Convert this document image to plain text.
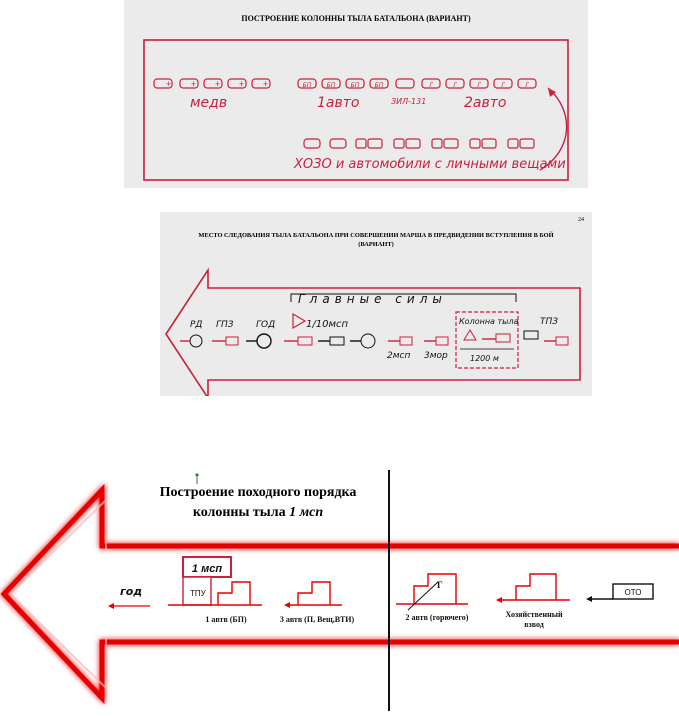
ПОСТРОЕНИЕ КОЛОННЫ ТЫЛА БАТАЛЬОНА (ВАРИАНТ)
+ + + + +
медв
БП	БП	БП	БП
1авто	ЗИЛ-131
Г	Г	Г	Г	Г
2авто
ХОЗО и автомобили с личными вещами
24
МЕСТО СЛЕДОВАНИЯ ТЫЛА БАТАЛЬОНА ПРИ СОВЕРШЕНИИ МАРША В ПРЕДВИДЕНИИ ВСТУПЛЕНИЯ В БОЙ
(ВАРИАНТ)
Главные силы
РД ГПЗ ГОД	1/10мсп
2мсп 3мор
Колонна тыла
1200 м
ТПЗ
Построение походного порядка
колонны тыла 1 мсп
год
1 мсп
ТПУ
1 автв (БП)	3 автв (П, Вещ,ВТИ)
Г
2 автв (горючего)	Хозяйственный
взвод
ОТО
